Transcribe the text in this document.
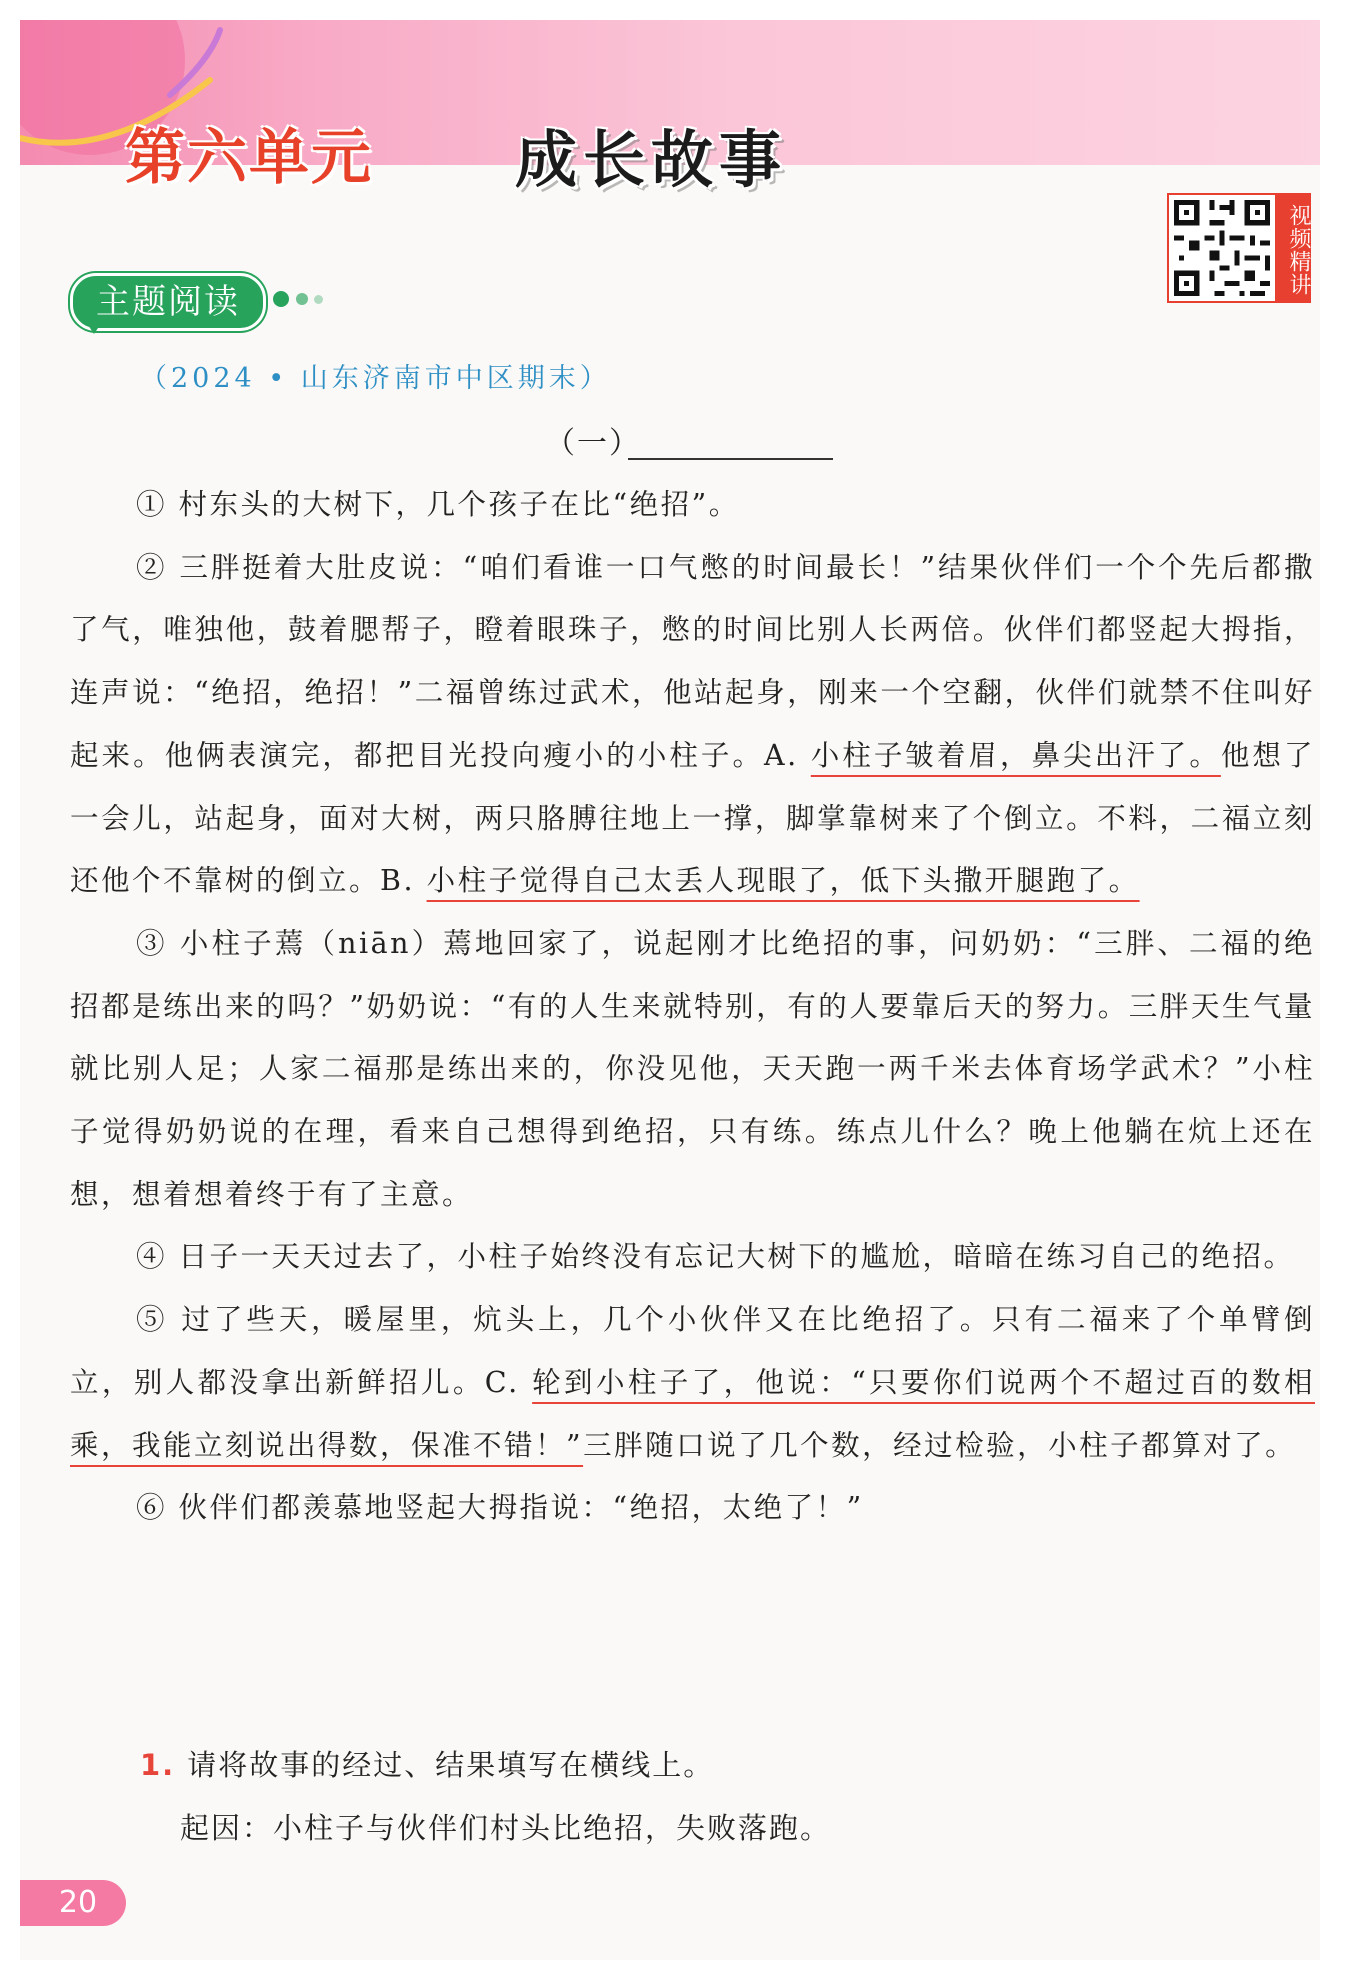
第六单元 成长故事
视频精讲
主题阅读
（2024 • 山东济南市中区期末）
（一）

① 村东头的大树下，几个孩子在比“绝招”。

② 三胖挺着大肚皮说：“咱们看谁一口气憋的时间最长！”结果伙伴们一个个先后都撒了气，唯独他，鼓着腮帮子，瞪着眼珠子，憋的时间比别人长两倍。伙伴们都竖起大拇指，连声说：“绝招，绝招！”二福曾练过武术，他站起身，刚来一个空翻，伙伴们就禁不住叫好起来。他俩表演完，都把目光投向瘦小的小柱子。A. 小柱子皱着眉，鼻尖出汗了。他想了一会儿，站起身，面对大树，两只胳膊往地上一撑，脚掌靠树来了个倒立。不料，二福立刻还他个不靠树的倒立。B. 小柱子觉得自己太丢人现眼了，低下头撒开腿跑了。

③ 小柱子蔫（niān）蔫地回家了，说起刚才比绝招的事，问奶奶：“三胖、二福的绝招都是练出来的吗？”奶奶说：“有的人生来就特别，有的人要靠后天的努力。三胖天生气量就比别人足；人家二福那是练出来的，你没见他，天天跑一两千米去体育场学武术？”小柱子觉得奶奶说的在理，看来自己想得到绝招，只有练。练点儿什么？晚上他躺在炕上还在想，想着想着终于有了主意。

④ 日子一天天过去了，小柱子始终没有忘记大树下的尴尬，暗暗在练习自己的绝招。

⑤ 过了些天，暖屋里，炕头上，几个小伙伴又在比绝招了。只有二福来了个单臂倒立，别人都没拿出新鲜招儿。C. 轮到小柱子了，他说：“只要你们说两个不超过百的数相乘，我能立刻说出得数，保准不错！”三胖随口说了几个数，经过检验，小柱子都算对了。

⑥ 伙伴们都羡慕地竖起大拇指说：“绝招，太绝了！”

1. 请将故事的经过、结果填写在横线上。
起因：小柱子与伙伴们村头比绝招，失败落跑。
20
